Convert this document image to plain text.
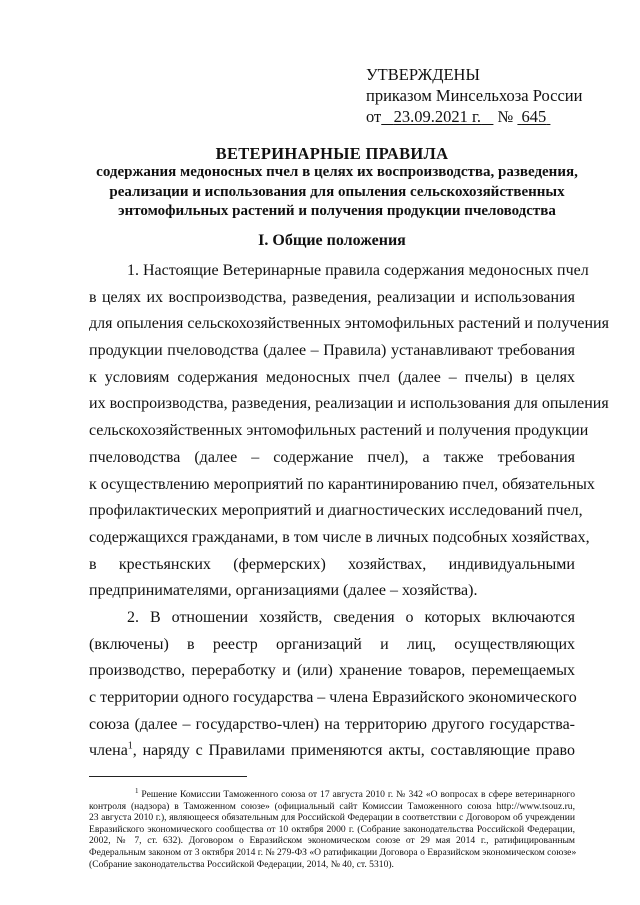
УТВЕРЖДЕНЫ
приказом Минсельхоза России
от 23.09.2021 г. № 645
ВЕТЕРИНАРНЫЕ ПРАВИЛА
содержания медоносных пчел в целях их воспроизводства, разведения,
реализации и использования для опыления сельскохозяйственных
энтомофильных растений и получения продукции пчеловодства
I. Общие положения
1. Настоящие Ветеринарные правила содержания медоносных пчел
в целях их воспроизводства, разведения, реализации и использования
для опыления сельскохозяйственных энтомофильных растений и получения
продукции пчеловодства (далее – Правила) устанавливают требования
к условиям содержания медоносных пчел (далее – пчелы) в целях
их воспроизводства, разведения, реализации и использования для опыления
сельскохозяйственных энтомофильных растений и получения продукции
пчеловодства (далее – содержание пчел), а также требования
к осуществлению мероприятий по карантинированию пчел, обязательных
профилактических мероприятий и диагностических исследований пчел,
содержащихся гражданами, в том числе в личных подсобных хозяйствах,
в крестьянских (фермерских) хозяйствах, индивидуальными
предпринимателями, организациями (далее – хозяйства).
2. В отношении хозяйств, сведения о которых включаются
(включены) в реестр организаций и лиц, осуществляющих
производство, переработку и (или) хранение товаров, перемещаемых
с территории одного государства – члена Евразийского экономического
союза (далее – государство-член) на территорию другого государства-
члена$^1$, наряду с Правилами применяются акты, составляющие право
$^1$ Решение Комиссии Таможенного союза от 17 августа 2010 г. № 342 «О вопросах в сфере ветеринарного
контроля (надзора) в Таможенном союзе» (официальный сайт Комиссии Таможенного союза http://www.tsouz.ru,
23 августа 2010 г.), являющееся обязательным для Российской Федерации в соответствии с Договором об учреждении
Евразийского экономического сообщества от 10 октября 2000 г. (Собрание законодательства Российской Федерации,
2002, № 7, ст. 632). Договором о Евразийском экономическом союзе от 29 мая 2014 г., ратифицированным
Федеральным законом от 3 октября 2014 г. № 279-ФЗ «О ратификации Договора о Евразийском экономическом союзе»
(Собрание законодательства Российской Федерации, 2014, № 40, ст. 5310).
